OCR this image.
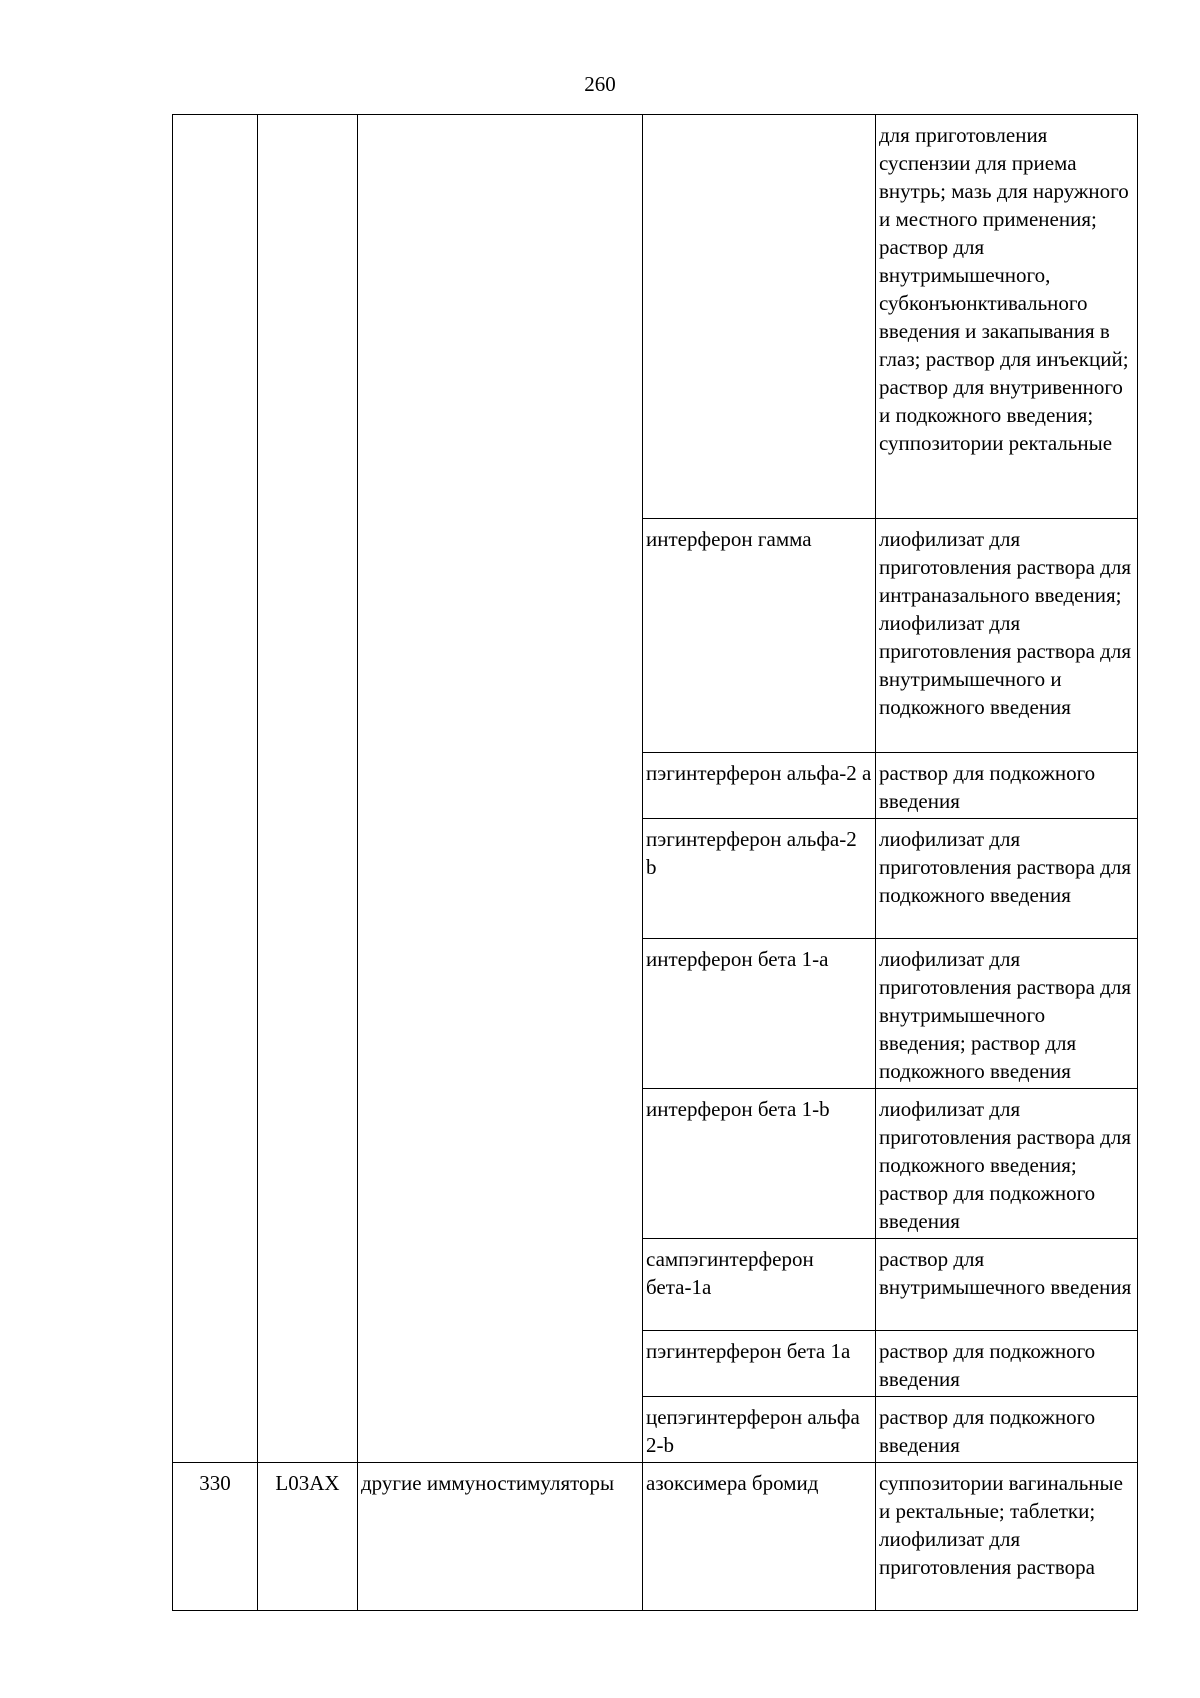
260

				для приготовления суспензии для приема внутрь; мазь для наружного и местного применения; раствор для внутримышечного, субконъюнктивального введения и закапывания в глаз; раствор для инъекций; раствор для внутривенного и подкожного введения; суппозитории ректальные

			интерферон гамма	лиофилизат для приготовления раствора для интраназального введения; лиофилизат для приготовления раствора для внутримышечного и подкожного введения

			пэгинтерферон альфа-2 а	раствор для подкожного введения

			пэгинтерферон альфа-2 b	лиофилизат для приготовления раствора для подкожного введения

			интерферон бета 1-а	лиофилизат для приготовления раствора для внутримышечного введения; раствор для подкожного введения

			интерферон бета 1-b	лиофилизат для приготовления раствора для подкожного введения; раствор для подкожного введения

			сампэгинтерферон бета-1а	раствор для внутримышечного введения

			пэгинтерферон бета 1а	раствор для подкожного введения

			цепэгинтерферон альфа 2-b	раствор для подкожного введения

330	L03AX	другие иммуностимуляторы	азоксимера бромид	суппозитории вагинальные и ректальные; таблетки; лиофилизат для приготовления раствора
